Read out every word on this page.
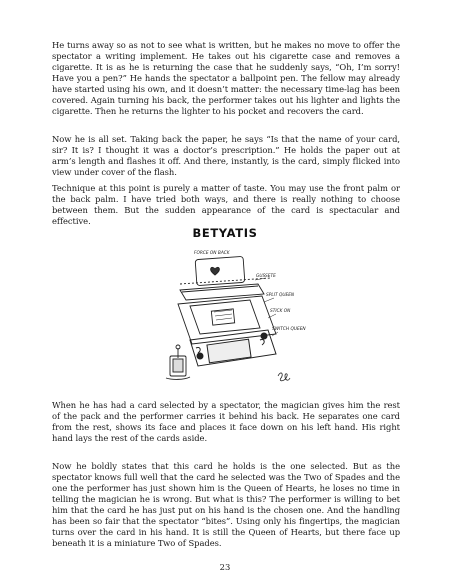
He turns away so as not to see what is written, but he makes no move to offer the spectator a writing implement. He takes out his cigarette case and removes a cigarette. It is as he is returning the case that he suddenly says, “Oh, I’m sorry! Have you a pen?” He hands the spectator a ballpoint pen. The fellow may already have started using his own, and it doesn’t matter: the necessary time-lag has been covered. Again turning his back, the performer takes out his lighter and lights the cigarette. Then he returns the lighter to his pocket and recovers the card.

Now he is all set. Taking back the paper, he says “Is that the name of your card, sir? It is? I thought it was a doctor’s prescription.” He holds the paper out at arm’s length and flashes it off. And there, instantly, is the card, simply flicked into view under cover of the flash.

Technique at this point is purely a matter of taste. You may use the front palm or the back palm. I have tried both ways, and there is really nothing to choose between them. But the sudden appearance of the card is spectacular and effective.

BETYATIS
FORCE ON BACK
GUSSETE
SPLIT QUEEN
STICK ON
SWITCH QUEEN

When he has had a card selected by a spectator, the magician gives him the rest of the pack and the performer carries it behind his back. He separates one card from the rest, shows its face and places it face down on his left hand. His right hand lays the rest of the cards aside.

Now he boldly states that this card he holds is the one selected. But as the spectator knows full well that the card he selected was the Two of Spades and the one the performer has just shown him is the Queen of Hearts, he loses no time in telling the magician he is wrong. But what is this? The performer is willing to bet him that the card he has just put on his hand is the chosen one. And the handling has been so fair that the spectator “bites”. Using only his fingertips, the magician turns over the card in his hand. It is still the Queen of Hearts, but there face up beneath it is a miniature Two of Spades.

23
